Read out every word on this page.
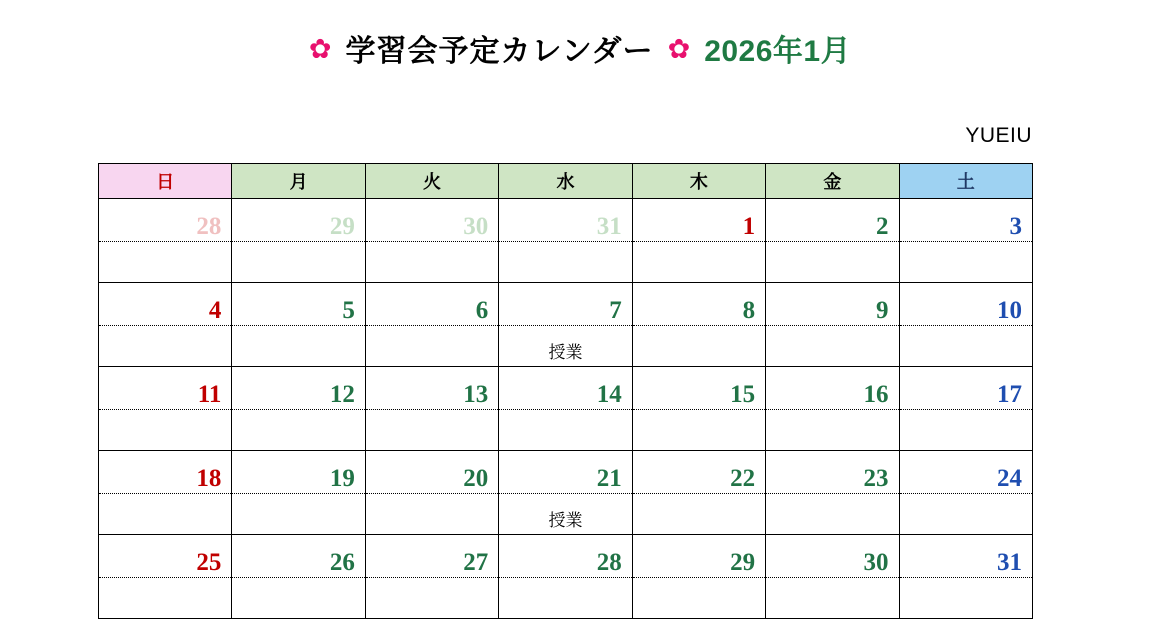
✿ 学習会予定カレンダー ✿ 2026年1月
YUEIU
日	月	火	水	木	金	土

28	29	30	31	1	2	3

4	5	6	7	8	9	10

			授業			

11	12	13	14	15	16	17

18	19	20	21	22	23	24

			授業			

25	26	27	28	29	30	31
